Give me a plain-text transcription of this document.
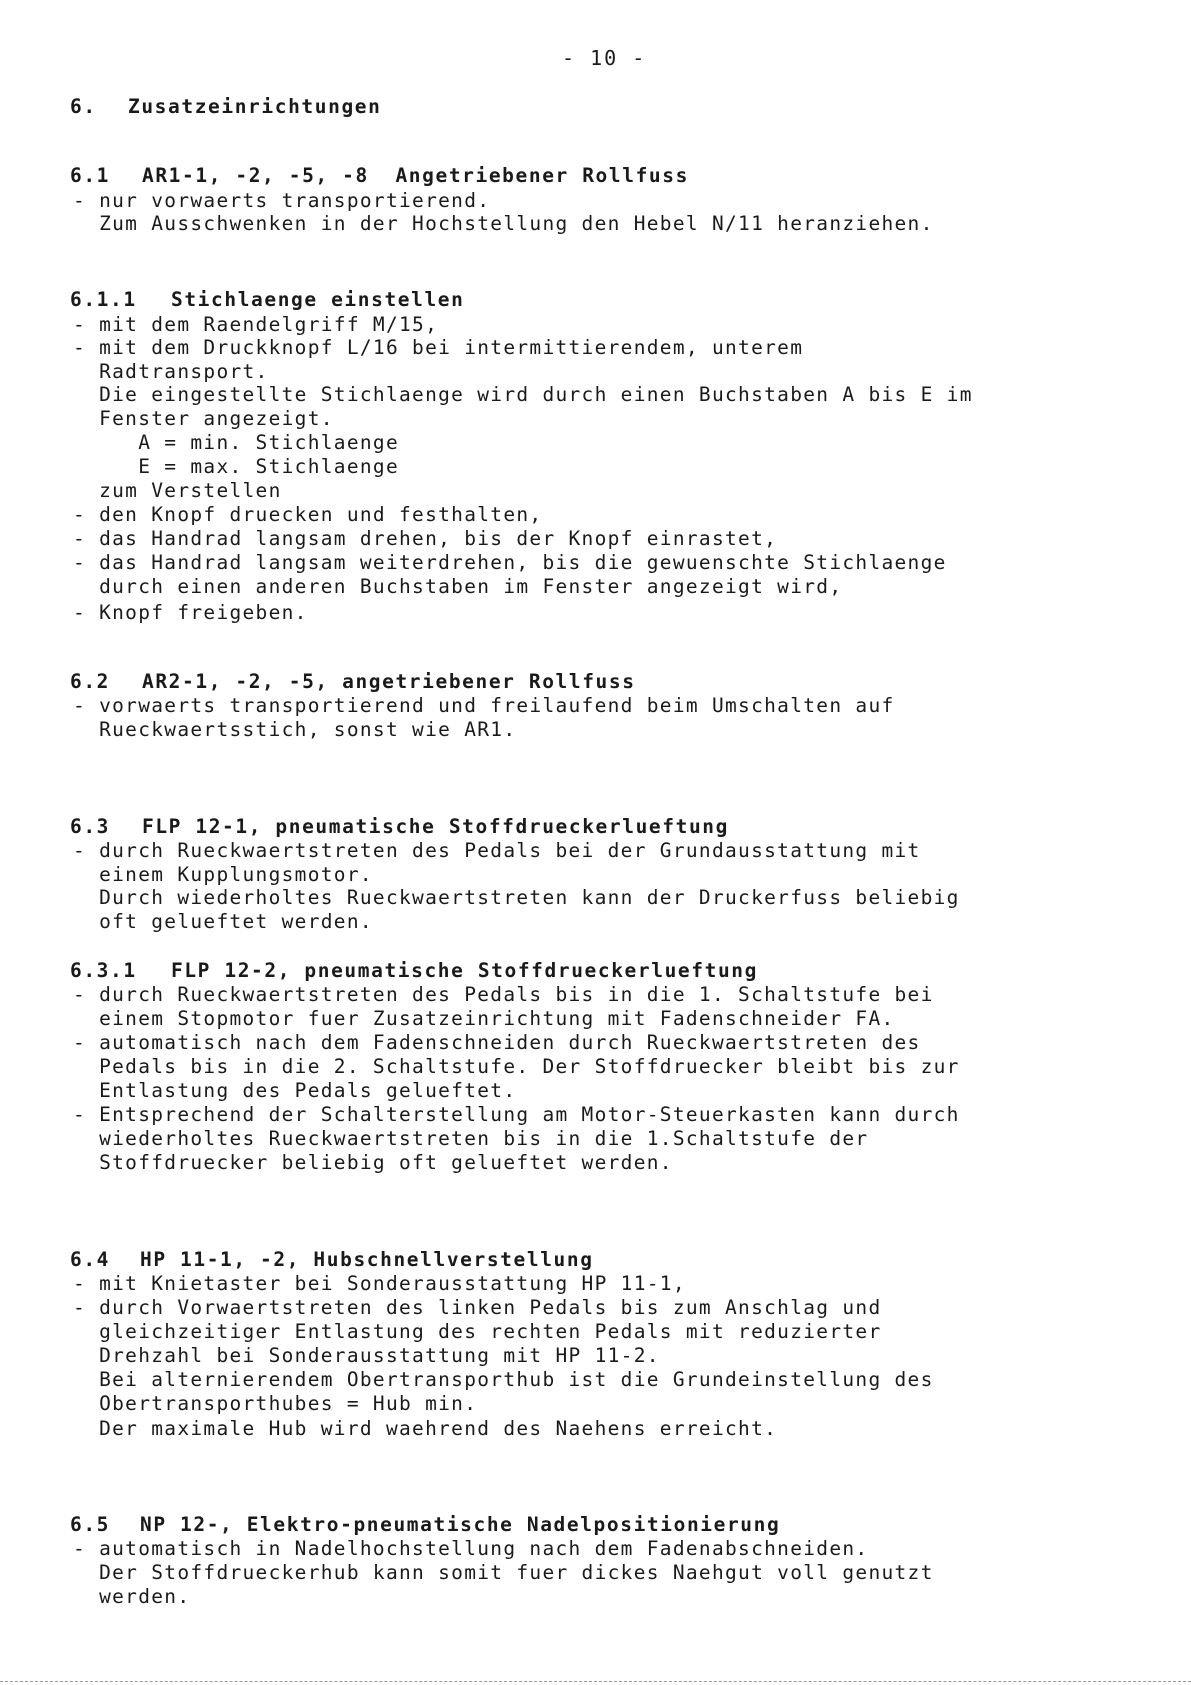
- 10 -
6. Zusatzeinrichtungen
6.1 AR1-1, -2, -5, -8  Angetriebener Rollfuss
- nur vorwaerts transportierend.
Zum Ausschwenken in der Hochstellung den Hebel N/11 heranziehen.
6.1.1 Stichlaenge einstellen
- mit dem Raendelgriff M/15,
- mit dem Druckknopf L/16 bei intermittierendem, unterem
Radtransport.
Die eingestellte Stichlaenge wird durch einen Buchstaben A bis E im
Fenster angezeigt.
A = min. Stichlaenge
E = max. Stichlaenge
zum Verstellen
- den Knopf druecken und festhalten,
- das Handrad langsam drehen, bis der Knopf einrastet,
- das Handrad langsam weiterdrehen, bis die gewuenschte Stichlaenge
durch einen anderen Buchstaben im Fenster angezeigt wird,
- Knopf freigeben.
6.2 AR2-1, -2, -5, angetriebener Rollfuss
- vorwaerts transportierend und freilaufend beim Umschalten auf
Rueckwaertsstich, sonst wie AR1.
6.3 FLP 12-1, pneumatische Stoffdrueckerlueftung
- durch Rueckwaertstreten des Pedals bei der Grundausstattung mit
einem Kupplungsmotor.
Durch wiederholtes Rueckwaertstreten kann der Druckerfuss beliebig
oft gelueftet werden.
6.3.1 FLP 12-2, pneumatische Stoffdrueckerlueftung
- durch Rueckwaertstreten des Pedals bis in die 1. Schaltstufe bei
einem Stopmotor fuer Zusatzeinrichtung mit Fadenschneider FA.
- automatisch nach dem Fadenschneiden durch Rueckwaertstreten des
Pedals bis in die 2. Schaltstufe. Der Stoffdruecker bleibt bis zur
Entlastung des Pedals gelueftet.
- Entsprechend der Schalterstellung am Motor-Steuerkasten kann durch
wiederholtes Rueckwaertstreten bis in die 1.Schaltstufe der
Stoffdruecker beliebig oft gelueftet werden.
6.4 HP 11-1, -2, Hubschnellverstellung
- mit Knietaster bei Sonderausstattung HP 11-1,
- durch Vorwaertstreten des linken Pedals bis zum Anschlag und
gleichzeitiger Entlastung des rechten Pedals mit reduzierter
Drehzahl bei Sonderausstattung mit HP 11-2.
Bei alternierendem Obertransporthub ist die Grundeinstellung des
Obertransporthubes = Hub min.
Der maximale Hub wird waehrend des Naehens erreicht.
6.5 NP 12-, Elektro-pneumatische Nadelpositionierung
- automatisch in Nadelhochstellung nach dem Fadenabschneiden.
Der Stoffdrueckerhub kann somit fuer dickes Naehgut voll genutzt
werden.
